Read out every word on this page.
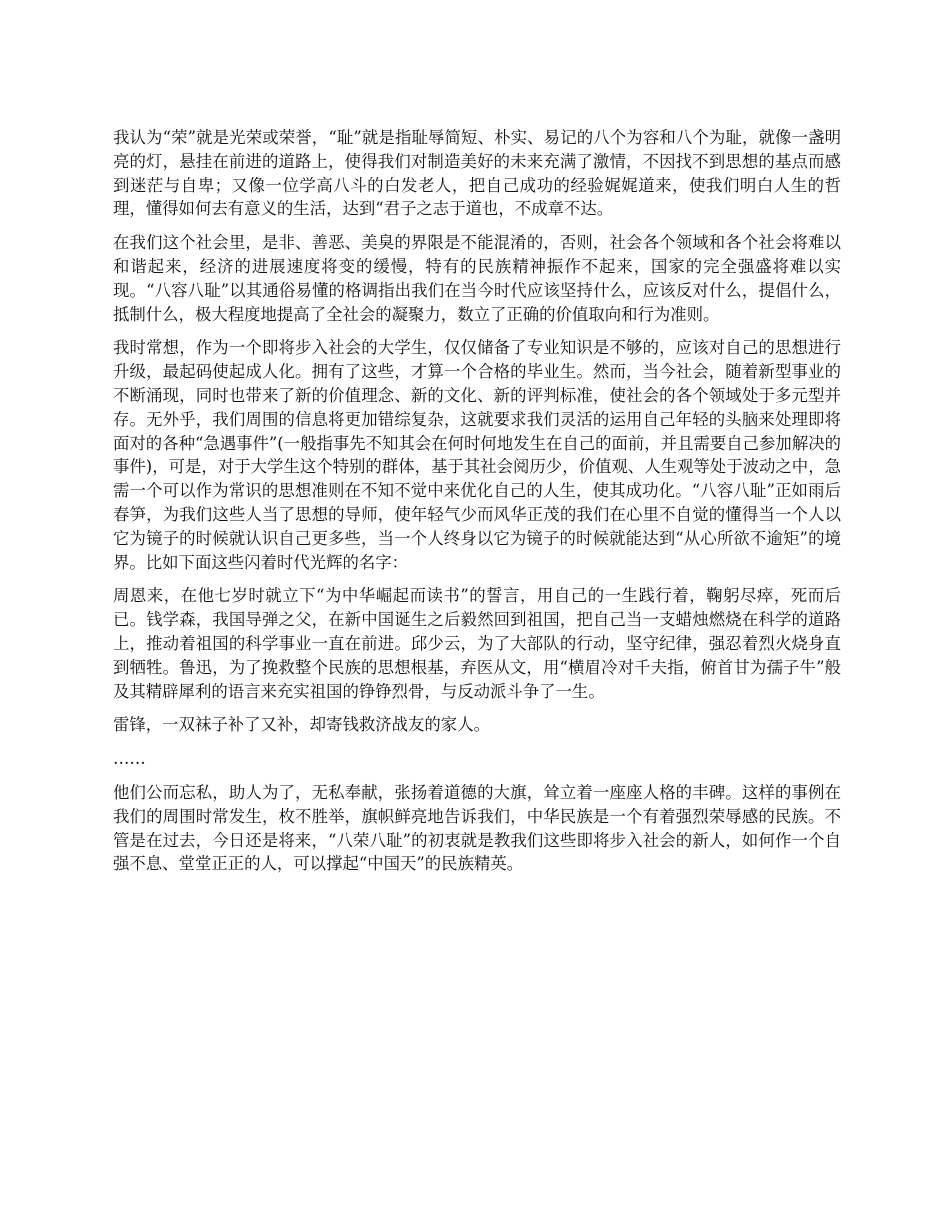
我认为“荣”就是光荣或荣誉，“耻”就是指耻辱简短、朴实、易记的八个为容和八个为耻，就像一盏明亮的灯，悬挂在前进的道路上，使得我们对制造美好的未来充满了激情，不因找不到思想的基点而感到迷茫与自卑；又像一位学高八斗的白发老人，把自己成功的经验娓娓道来，使我们明白人生的哲理，懂得如何去有意义的生活，达到“君子之志于道也，不成章不达。

在我们这个社会里，是非、善恶、美臭的界限是不能混淆的，否则，社会各个领域和各个社会将难以和谐起来，经济的进展速度将变的缓慢，特有的民族精神振作不起来，国家的完全强盛将难以实现。“八容八耻”以其通俗易懂的格调指出我们在当今时代应该坚持什么，应该反对什么，提倡什么，抵制什么，极大程度地提高了全社会的凝聚力，数立了正确的价值取向和行为准则。

我时常想，作为一个即将步入社会的大学生，仅仅储备了专业知识是不够的，应该对自己的思想进行升级，最起码使起成人化。拥有了这些，才算一个合格的毕业生。然而，当今社会，随着新型事业的不断涌现，同时也带来了新的价值理念、新的文化、新的评判标准，使社会的各个领域处于多元型并存。无外乎，我们周围的信息将更加错综复杂，这就要求我们灵活的运用自己年轻的头脑来处理即将面对的各种“急遇事件”(一般指事先不知其会在何时何地发生在自己的面前，并且需要自己参加解决的事件)，可是，对于大学生这个特别的群体，基于其社会阅历少，价值观、人生观等处于波动之中，急需一个可以作为常识的思想准则在不知不觉中来优化自己的人生，使其成功化。“八容八耻”正如雨后春笋，为我们这些人当了思想的导师，使年轻气少而风华正茂的我们在心里不自觉的懂得当一个人以它为镜子的时候就认识自己更多些，当一个人终身以它为镜子的时候就能达到“从心所欲不逾矩”的境界。比如下面这些闪着时代光辉的名字：

周恩来，在他七岁时就立下“为中华崛起而读书”的誓言，用自己的一生践行着，鞠躬尽瘁，死而后已。钱学森，我国导弹之父，在新中国诞生之后毅然回到祖国，把自己当一支蜡烛燃烧在科学的道路上，推动着祖国的科学事业一直在前进。邱少云，为了大部队的行动，坚守纪律，强忍着烈火烧身直到牺牲。鲁迅，为了挽救整个民族的思想根基，弃医从文，用“横眉冷对千夫指，俯首甘为孺子牛”般及其精辟犀利的语言来充实祖国的铮铮烈骨，与反动派斗争了一生。

雷锋，一双袜子补了又补，却寄钱救济战友的家人。

……

他们公而忘私，助人为了，无私奉献，张扬着道德的大旗，耸立着一座座人格的丰碑。这样的事例在我们的周围时常发生，枚不胜举，旗帜鲜亮地告诉我们，中华民族是一个有着强烈荣辱感的民族。不管是在过去，今日还是将来，“八荣八耻”的初衷就是教我们这些即将步入社会的新人，如何作一个自强不息、堂堂正正的人，可以撑起“中国天”的民族精英。
